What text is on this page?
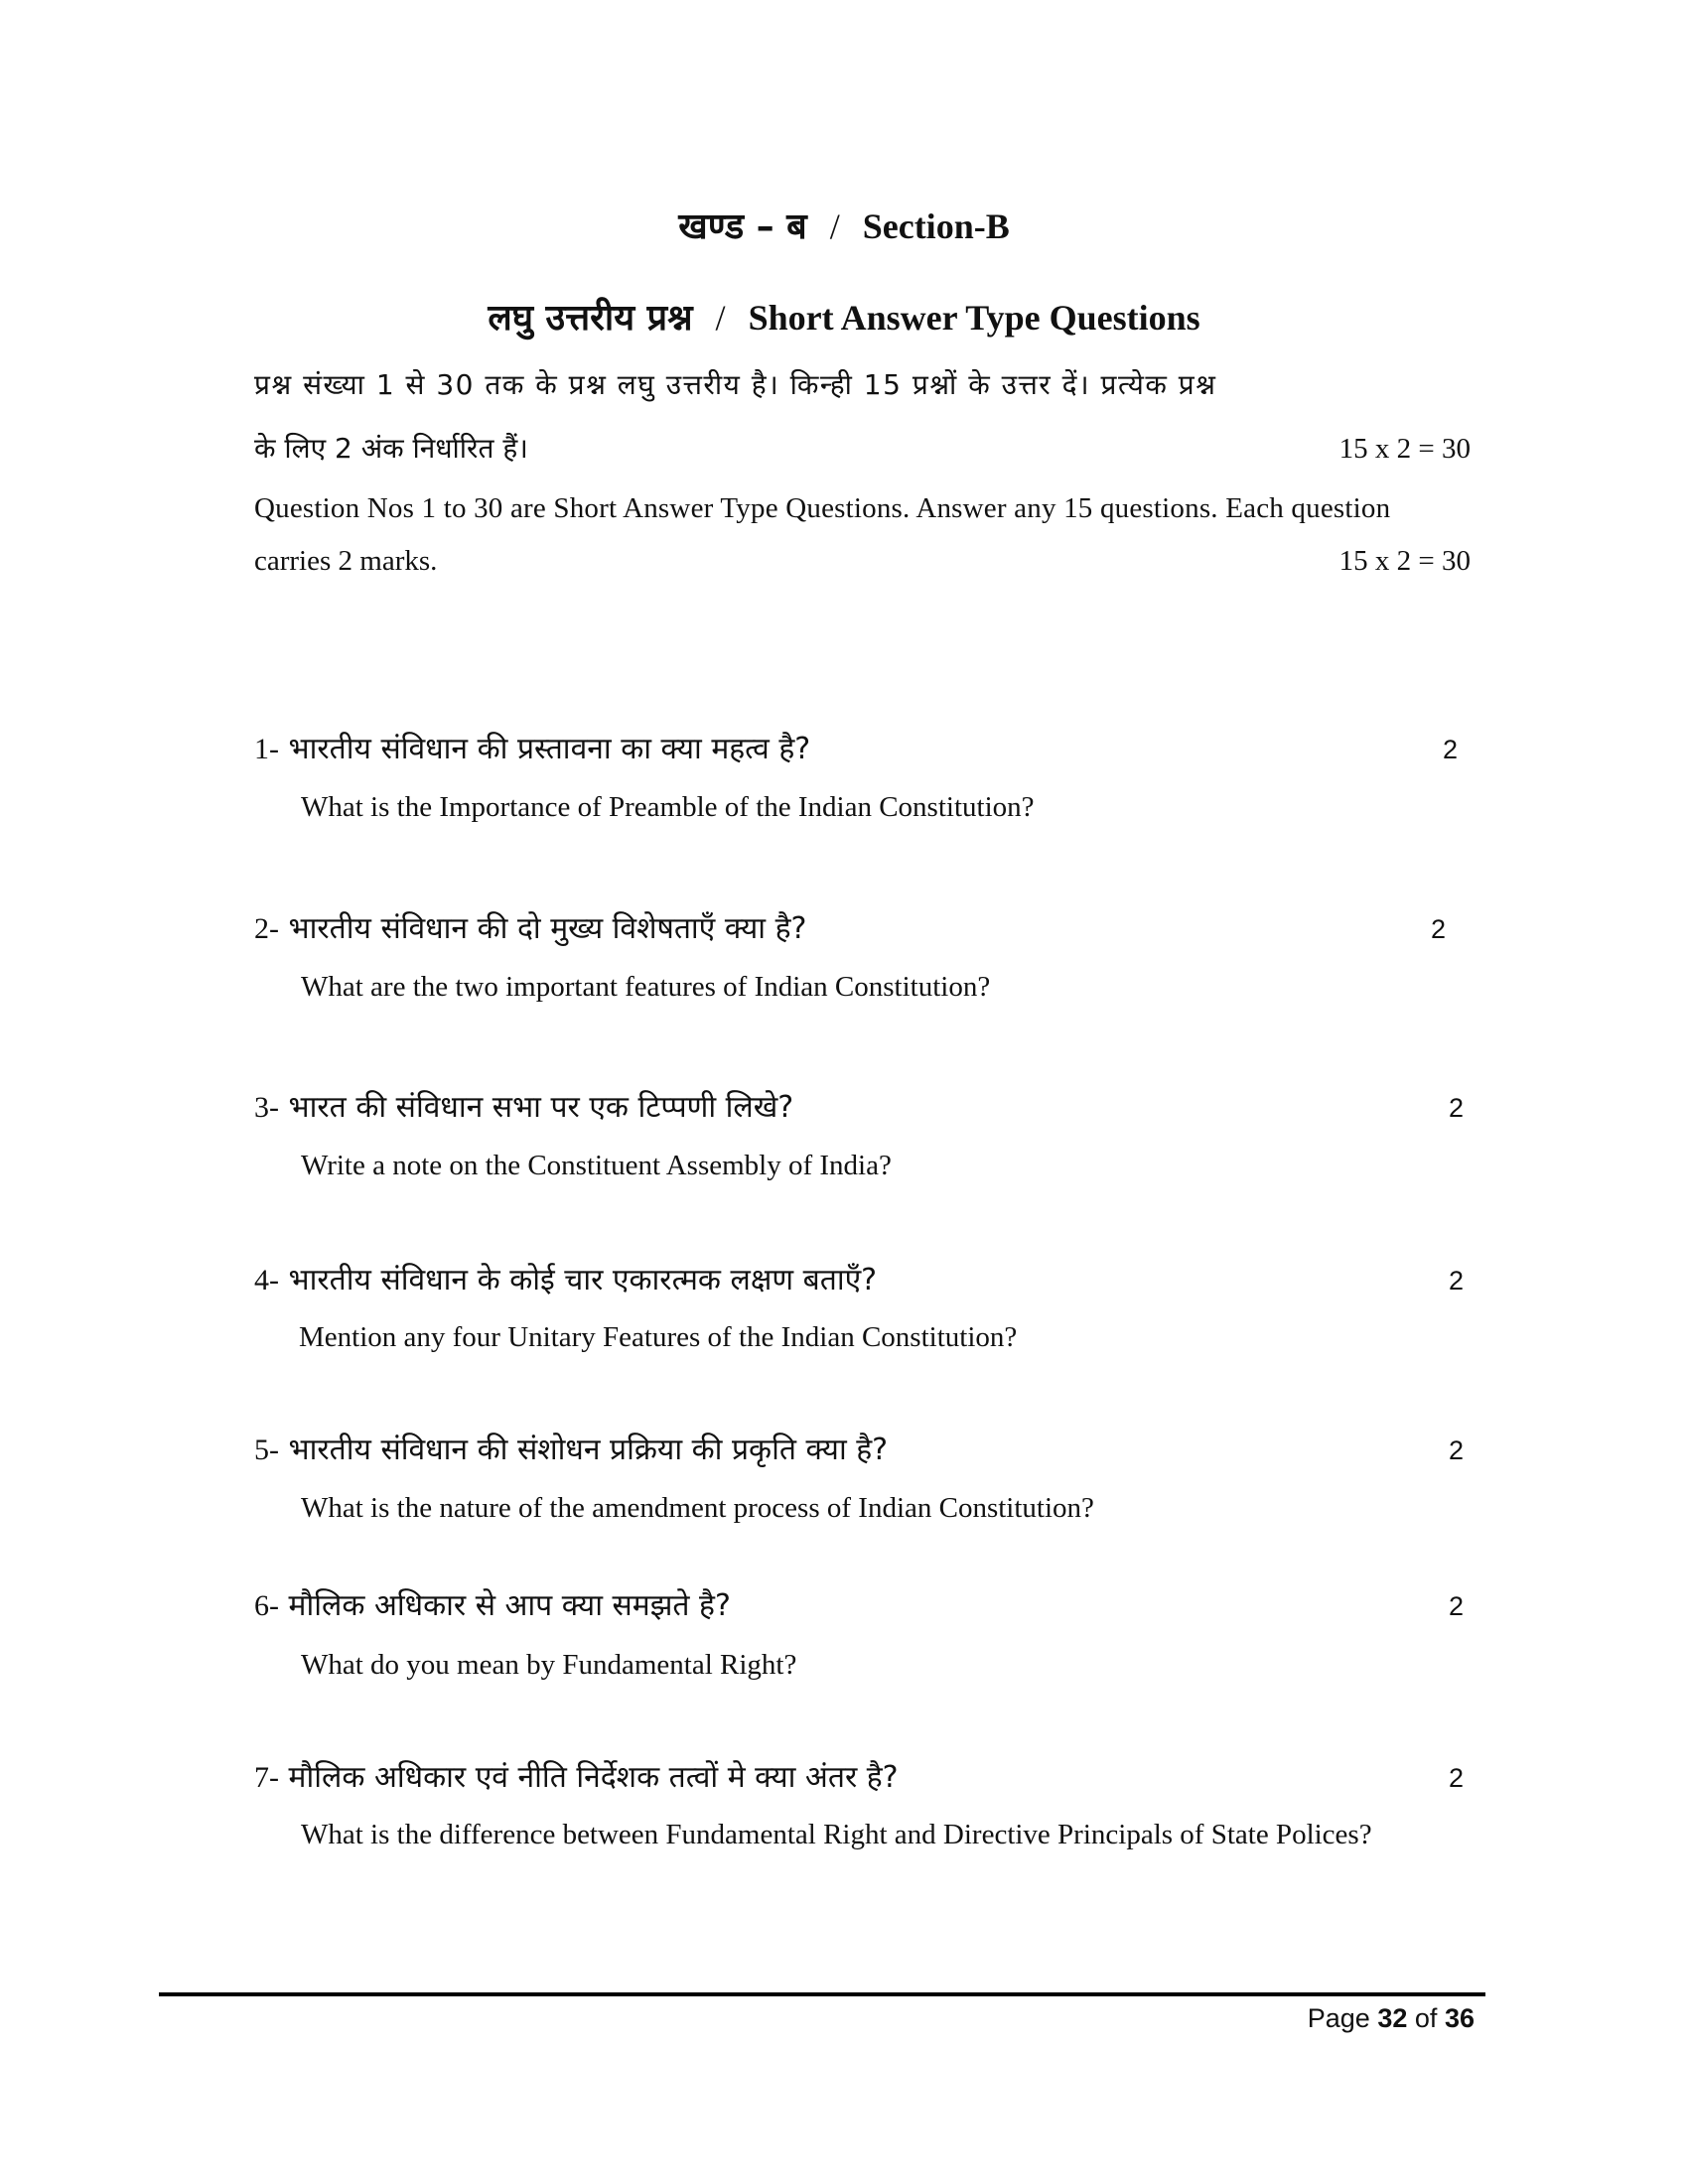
खण्ड – ब / Section-B
लघु उत्तरीय प्रश्न / Short Answer Type Questions
प्रश्न संख्या 1 से 30 तक के प्रश्न लघु उत्तरीय है। किन्ही 15 प्रश्नों के उत्तर दें। प्रत्येक प्रश्न
के लिए 2 अंक निर्धारित हैं।	15 x 2 = 30
Question Nos 1 to 30 are Short Answer Type Questions. Answer any 15 questions. Each question
carries 2 marks.	15 x 2 = 30
1- भारतीय संविधान की प्रस्तावना का क्या महत्व है?	2
What is the Importance of Preamble of the Indian Constitution?
2- भारतीय संविधान की दो मुख्य विशेषताएँ क्या है?	2
What are the two important features of Indian Constitution?
3- भारत की संविधान सभा पर एक टिप्पणी लिखे?	2
Write a note on the Constituent Assembly of India?
4- भारतीय संविधान के कोई चार एकारत्मक लक्षण बताएँ?	2
Mention any four Unitary Features of the Indian Constitution?
5- भारतीय संविधान की संशोधन प्रक्रिया की प्रकृति क्या है?	2
What is the nature of the amendment process of Indian Constitution?
6- मौलिक अधिकार से आप क्या समझते है?	2
What do you mean by Fundamental Right?
7- मौलिक अधिकार एवं नीति निर्देशक तत्वों मे क्या अंतर है?	2
What is the difference between Fundamental Right and Directive Principals of State Polices?
Page 32 of 36
